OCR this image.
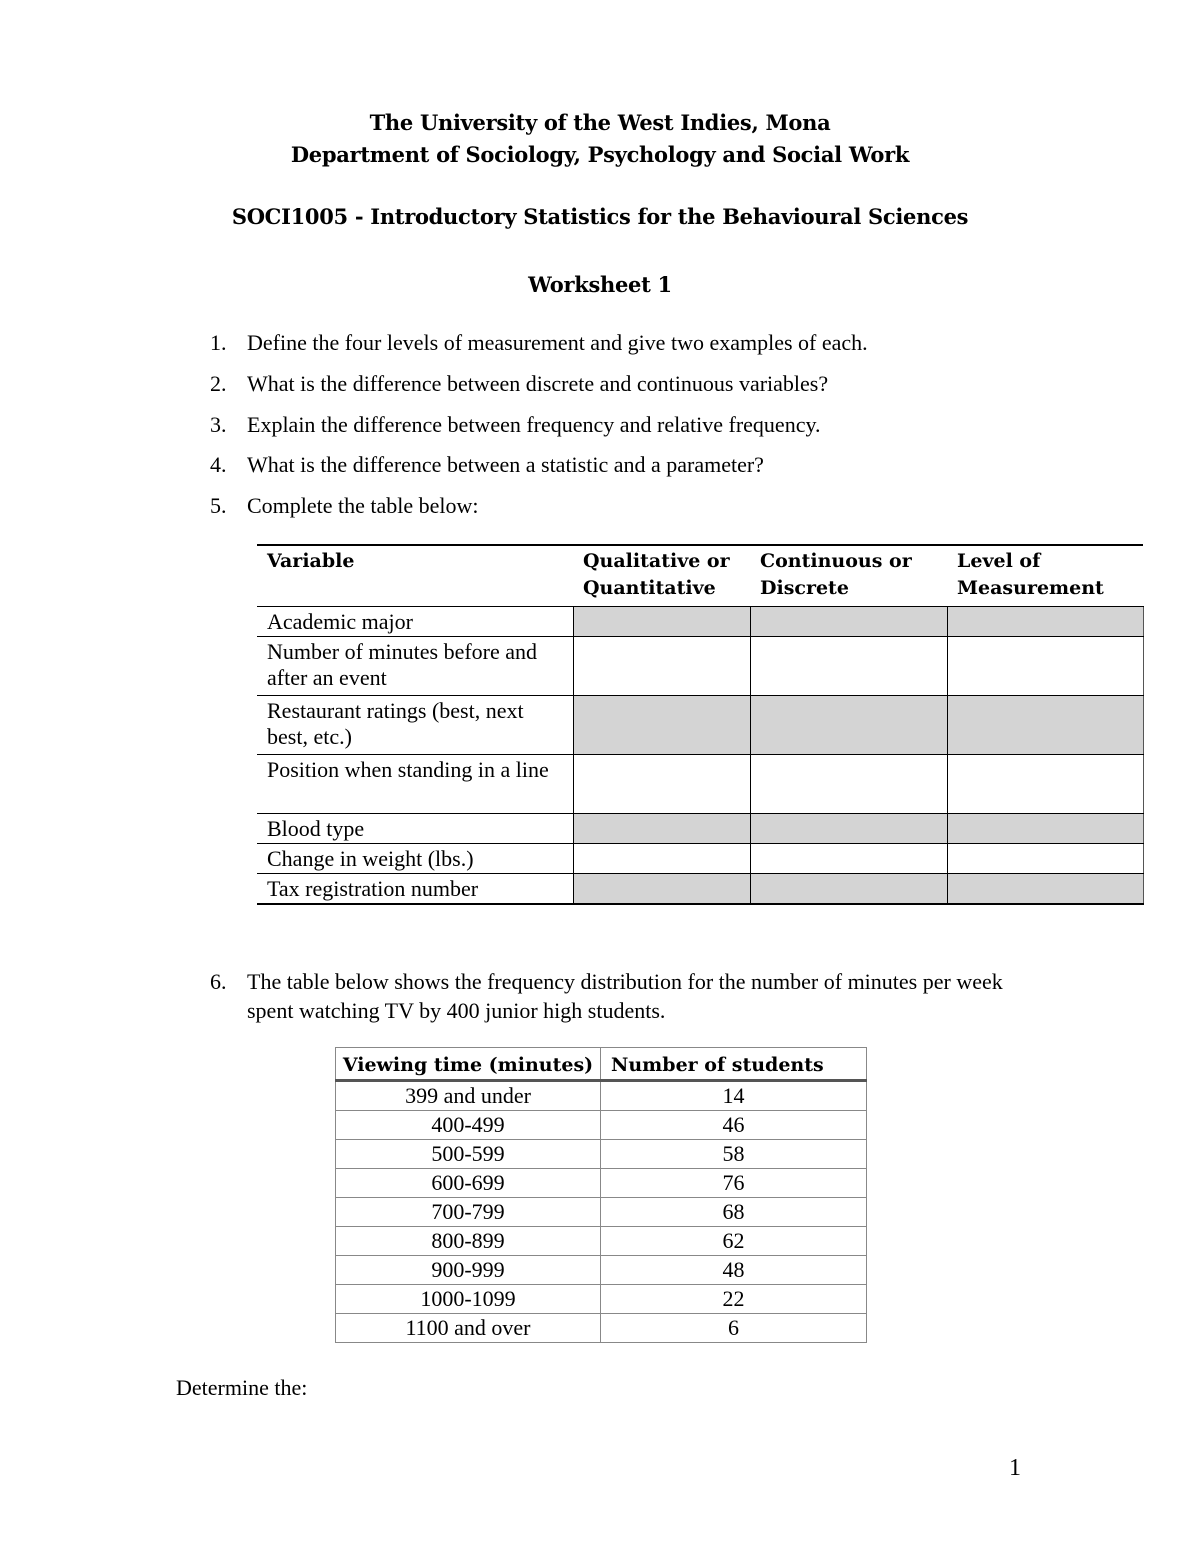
The University of the West Indies, Mona
Department of Sociology, Psychology and Social Work
SOCI1005 - Introductory Statistics for the Behavioural Sciences
Worksheet 1
1. Define the four levels of measurement and give two examples of each.
2. What is the difference between discrete and continuous variables?
3. Explain the difference between frequency and relative frequency.
4. What is the difference between a statistic and a parameter?
5. Complete the table below:
Variable	Qualitative or Quantitative	Continuous or Discrete	Level of Measurement
Academic major			
Number of minutes before and after an event			
Restaurant ratings (best, next best, etc.)			
Position when standing in a line			
Blood type			
Change in weight (lbs.)			
Tax registration number			
6. The table below shows the frequency distribution for the number of minutes per week spent watching TV by 400 junior high students.
Viewing time (minutes)	Number of students
399 and under	14
400-499	46
500-599	58
600-699	76
700-799	68
800-899	62
900-999	48
1000-1099	22
1100 and over	6
Determine the:
1
